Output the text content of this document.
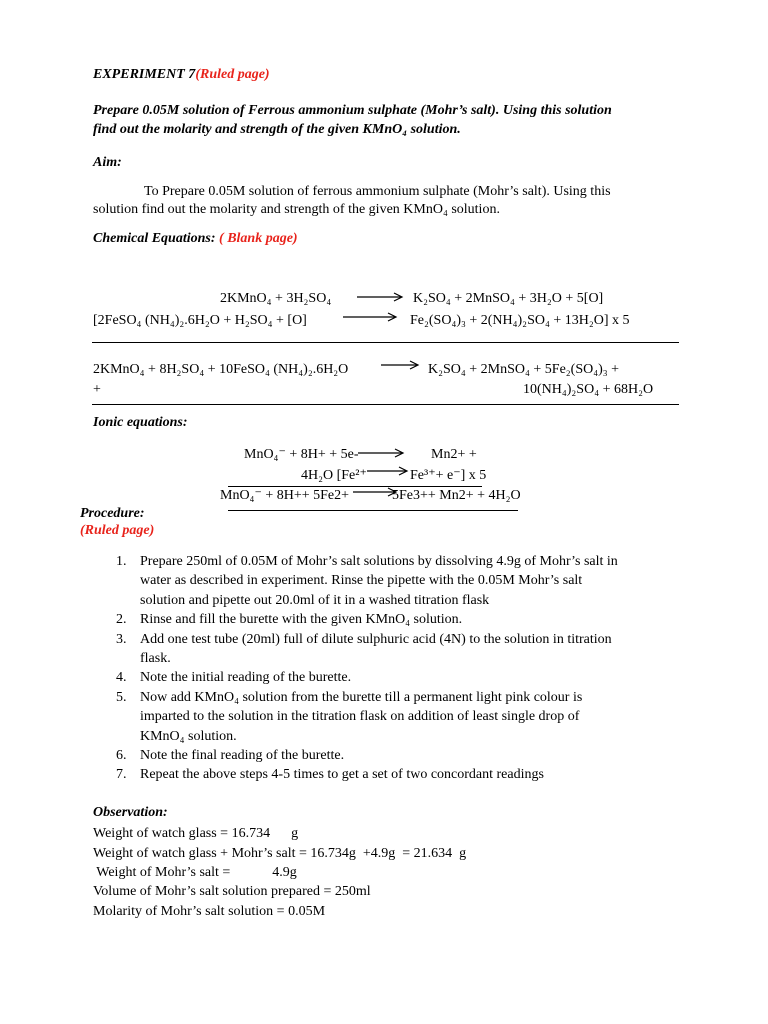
EXPERIMENT 7(Ruled page)
Prepare 0.05M solution of Ferrous ammonium sulphate (Mohr’s salt). Using this solution
find out the molarity and strength of the given KMnO₄ solution.
Aim:
To Prepare 0.05M solution of ferrous ammonium sulphate (Mohr’s salt). Using this
solution find out the molarity and strength of the given KMnO₄ solution.
Chemical Equations: ( Blank page)
2KMnO₄ + 3H₂SO₄	K₂SO₄ + 2MnSO₄ + 3H₂O + 5[O]
[2FeSO₄ (NH₄)₂.6H₂O + H₂SO₄ + [O]	Fe₂(SO₄)₃ + 2(NH₄)₂SO₄ + 13H₂O] x 5
2KMnO₄ + 8H₂SO₄ + 10FeSO₄ (NH₄)₂.6H₂O	K₂SO₄ + 2MnSO₄ + 5Fe₂(SO₄)₃ +
+	10(NH₄)₂SO₄ + 68H₂O
Ionic equations:
MnO₄⁻ + 8H+ + 5e-	Mn2+ +
4H₂O [Fe²⁺	Fe³⁺+ e⁻] x 5
MnO₄⁻ + 8H++ 5Fe2+	5Fe3++ Mn2+ + 4H₂O
Procedure:
(Ruled page)
1. Prepare 250ml of 0.05M of Mohr’s salt solutions by dissolving 4.9g of Mohr’s salt in
water as described in experiment. Rinse the pipette with the 0.05M Mohr’s salt
solution and pipette out 20.0ml of it in a washed titration flask
2. Rinse and fill the burette with the given KMnO₄ solution.
3. Add one test tube (20ml) full of dilute sulphuric acid (4N) to the solution in titration
flask.
4. Note the initial reading of the burette.
5. Now add KMnO₄ solution from the burette till a permanent light pink colour is
imparted to the solution in the titration flask on addition of least single drop of
KMnO₄ solution.
6. Note the final reading of the burette.
7. Repeat the above steps 4-5 times to get a set of two concordant readings
Observation:
Weight of watch glass = 16.734      g
Weight of watch glass + Mohr’s salt = 16.734g  +4.9g  = 21.634  g
Weight of Mohr’s salt =            4.9g
Volume of Mohr’s salt solution prepared = 250ml
Molarity of Mohr’s salt solution = 0.05M
